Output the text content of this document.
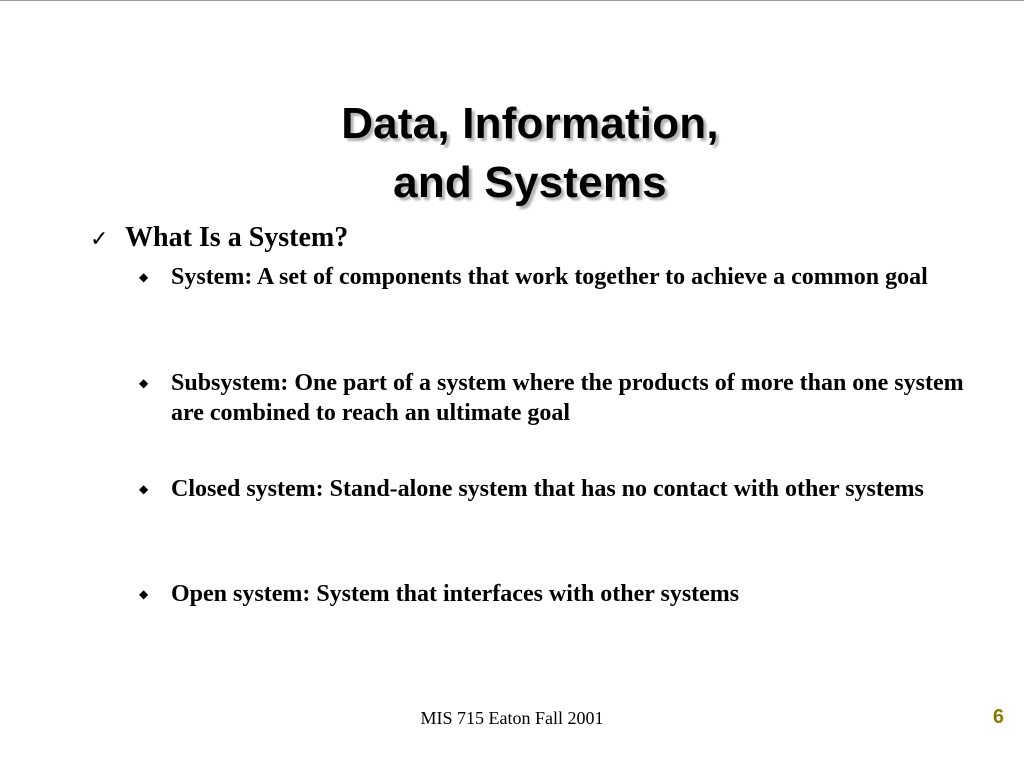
Data, Information,
and Systems
✓ What Is a System?
◆ System: A set of components that work together to achieve a common goal
◆ Subsystem: One part of a system where the products of more than one system are combined to reach an ultimate goal
◆ Closed system: Stand-alone system that has no contact with other systems
◆ Open system: System that interfaces with other systems
MIS 715 Eaton Fall 2001	6
